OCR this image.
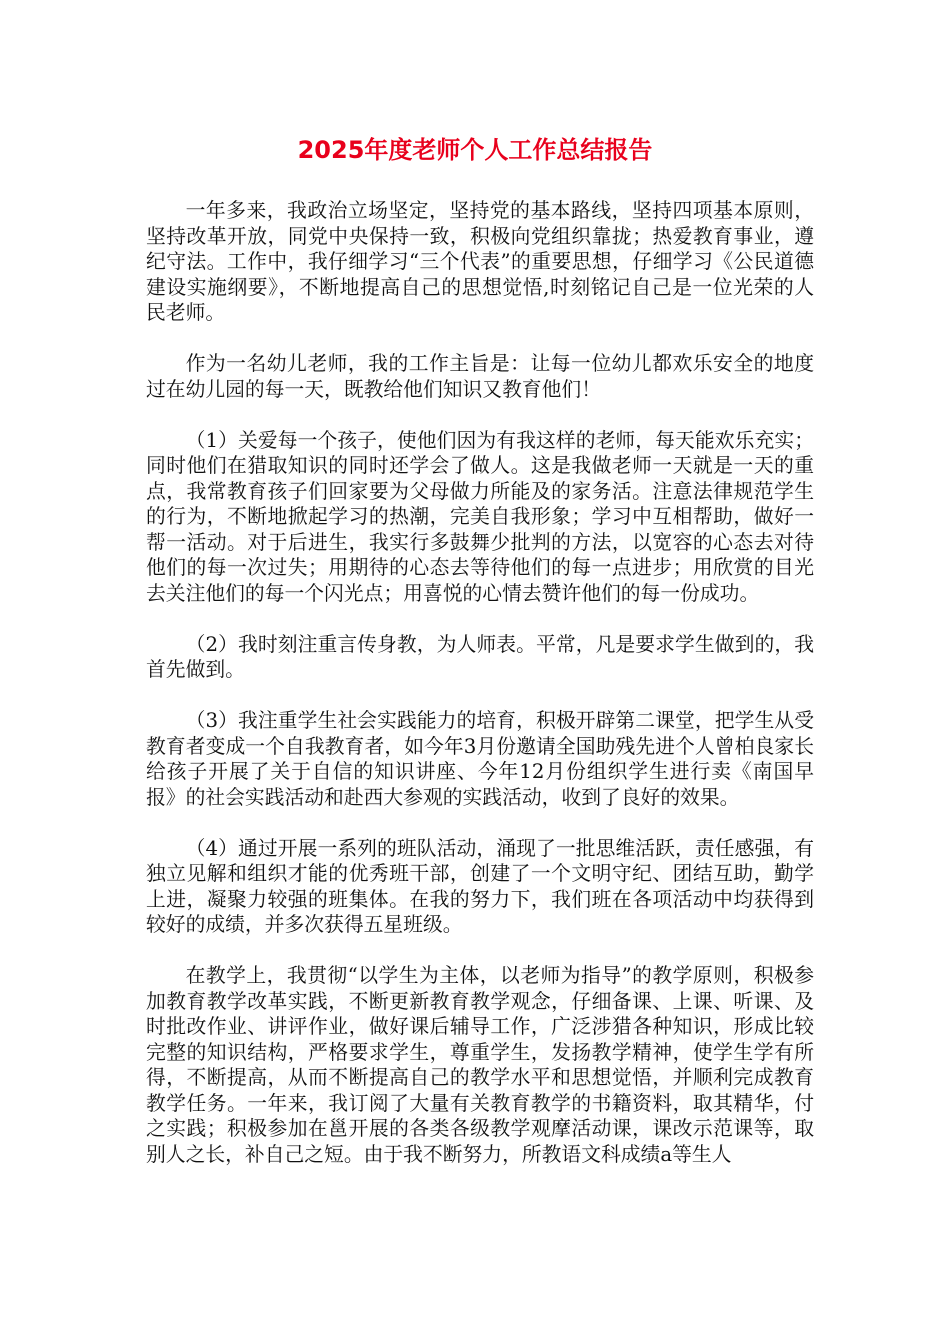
2025年度老师个人工作总结报告

一年多来，我政治立场坚定，坚持党的基本路线，坚持四项基本原则，坚持改革开放，同党中央保持一致，积极向党组织靠拢；热爱教育事业，遵纪守法。工作中，我仔细学习“三个代表”的重要思想，仔细学习《公民道德建设实施纲要》，不断地提高自己的思想觉悟,时刻铭记自己是一位光荣的人民老师。

作为一名幼儿老师，我的工作主旨是：让每一位幼儿都欢乐安全的地度过在幼儿园的每一天，既教给他们知识又教育他们！

（1）关爱每一个孩子，使他们因为有我这样的老师，每天能欢乐充实；同时他们在猎取知识的同时还学会了做人。这是我做老师一天就是一天的重点，我常教育孩子们回家要为父母做力所能及的家务活。注意法律规范学生的行为，不断地掀起学习的热潮，完美自我形象；学习中互相帮助，做好一帮一活动。对于后进生，我实行多鼓舞少批判的方法，以宽容的心态去对待他们的每一次过失；用期待的心态去等待他们的每一点进步；用欣赏的目光去关注他们的每一个闪光点；用喜悦的心情去赞许他们的每一份成功。

（2）我时刻注重言传身教，为人师表。平常，凡是要求学生做到的，我首先做到。

（3）我注重学生社会实践能力的培育，积极开辟第二课堂，把学生从受教育者变成一个自我教育者，如今年3月份邀请全国助残先进个人曾柏良家长给孩子开展了关于自信的知识讲座、今年12月份组织学生进行卖《南国早报》的社会实践活动和赴西大参观的实践活动，收到了良好的效果。

（4）通过开展一系列的班队活动，涌现了一批思维活跃，责任感强，有独立见解和组织才能的优秀班干部，创建了一个文明守纪、团结互助，勤学上进，凝聚力较强的班集体。在我的努力下，我们班在各项活动中均获得到较好的成绩，并多次获得五星班级。

在教学上，我贯彻“以学生为主体，以老师为指导”的教学原则，积极参加教育教学改革实践，不断更新教育教学观念，仔细备课、上课、听课、及时批改作业、讲评作业，做好课后辅导工作，广泛涉猎各种知识，形成比较完整的知识结构，严格要求学生，尊重学生，发扬教学精神，使学生学有所得，不断提高，从而不断提高自己的教学水平和思想觉悟，并顺利完成教育教学任务。一年来，我订阅了大量有关教育教学的书籍资料，取其精华，付之实践；积极参加在邕开展的各类各级教学观摩活动课，课改示范课等，取别人之长，补自己之短。由于我不断努力，所教语文科成绩a等生人
